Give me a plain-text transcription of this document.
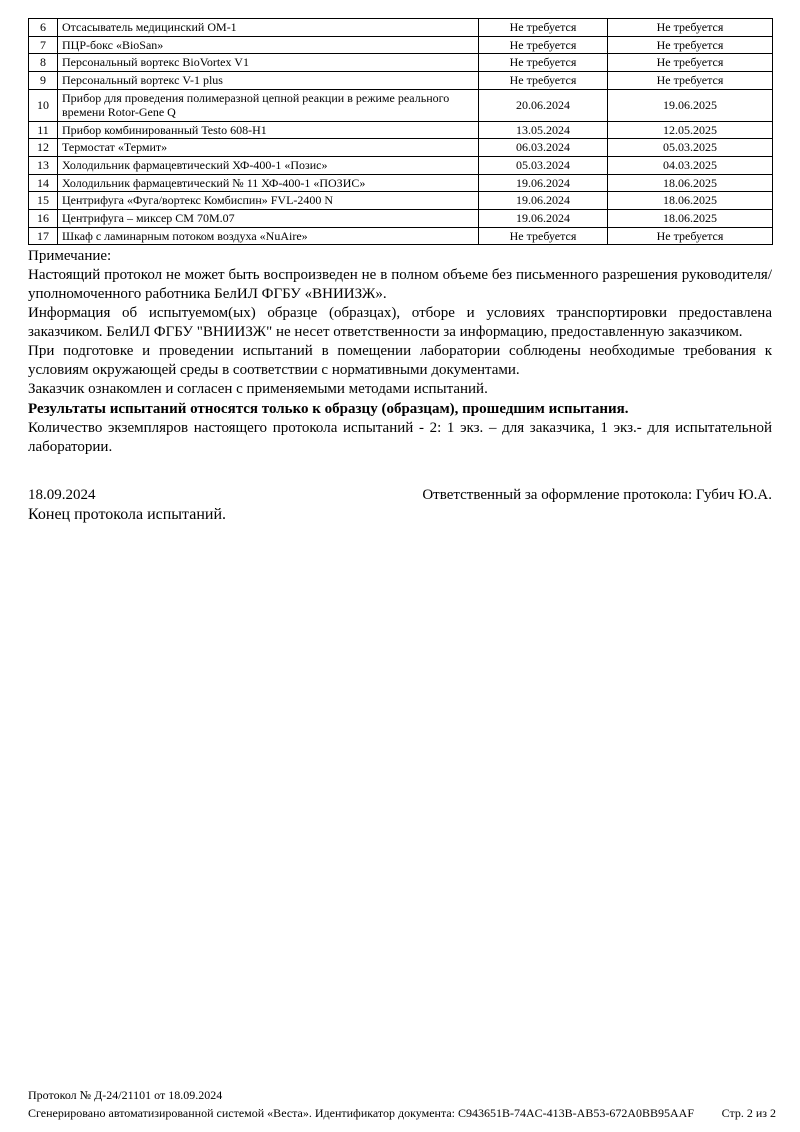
6	Отсасыватель медицинский ОМ-1	Не требуется	Не требуется
7	ПЦР-бокс «BioSan»	Не требуется	Не требуется
8	Персональный вортекс BioVortex V1	Не требуется	Не требуется
9	Персональный вортекс V-1 plus	Не требуется	Не требуется
10	Прибор для проведения полимеразной цепной реакции в режиме реального времени Rotor-Gene Q	20.06.2024	19.06.2025
11	Прибор комбинированный Testo 608-H1	13.05.2024	12.05.2025
12	Термостат «Термит»	06.03.2024	05.03.2025
13	Холодильник фармацевтический ХФ-400-1 «Позис»	05.03.2024	04.03.2025
14	Холодильник фармацевтический № 11 ХФ-400-1 «ПОЗИС»	19.06.2024	18.06.2025
15	Центрифуга «Фуга/вортекс Комбиспин» FVL-2400 N	19.06.2024	18.06.2025
16	Центрифуга – миксер СМ 70М.07	19.06.2024	18.06.2025
17	Шкаф с ламинарным потоком воздуха «NuAire»	Не требуется	Не требуется
Примечание:

Настоящий протокол не может быть воспроизведен не в полном объеме без письменного разрешения руководителя/уполномоченного работника БелИЛ ФГБУ «ВНИИЗЖ».

Информация об испытуемом(ых) образце (образцах), отборе и условиях транспортировки предоставлена заказчиком. БелИЛ ФГБУ "ВНИИЗЖ" не несет ответственности за информацию, предоставленную заказчиком.

При подготовке и проведении испытаний в помещении лаборатории соблюдены необходимые требования к условиям окружающей среды в соответствии с нормативными документами.

Заказчик ознакомлен и согласен с применяемыми методами испытаний.

Результаты испытаний относятся только к образцу (образцам), прошедшим испытания.

Количество экземпляров настоящего протокола испытаний - 2: 1 экз. – для заказчика, 1 экз.- для испытательной лаборатории.

18.09.2024	Ответственный за оформление протокола: Губич Ю.А.
Конец протокола испытаний.
Протокол № Д-24/21101 от 18.09.2024
Сгенерировано автоматизированной системой «Веста». Идентификатор документа: C943651B-74AC-413B-AB53-672A0BB95AAF Стр. 2 из 2
